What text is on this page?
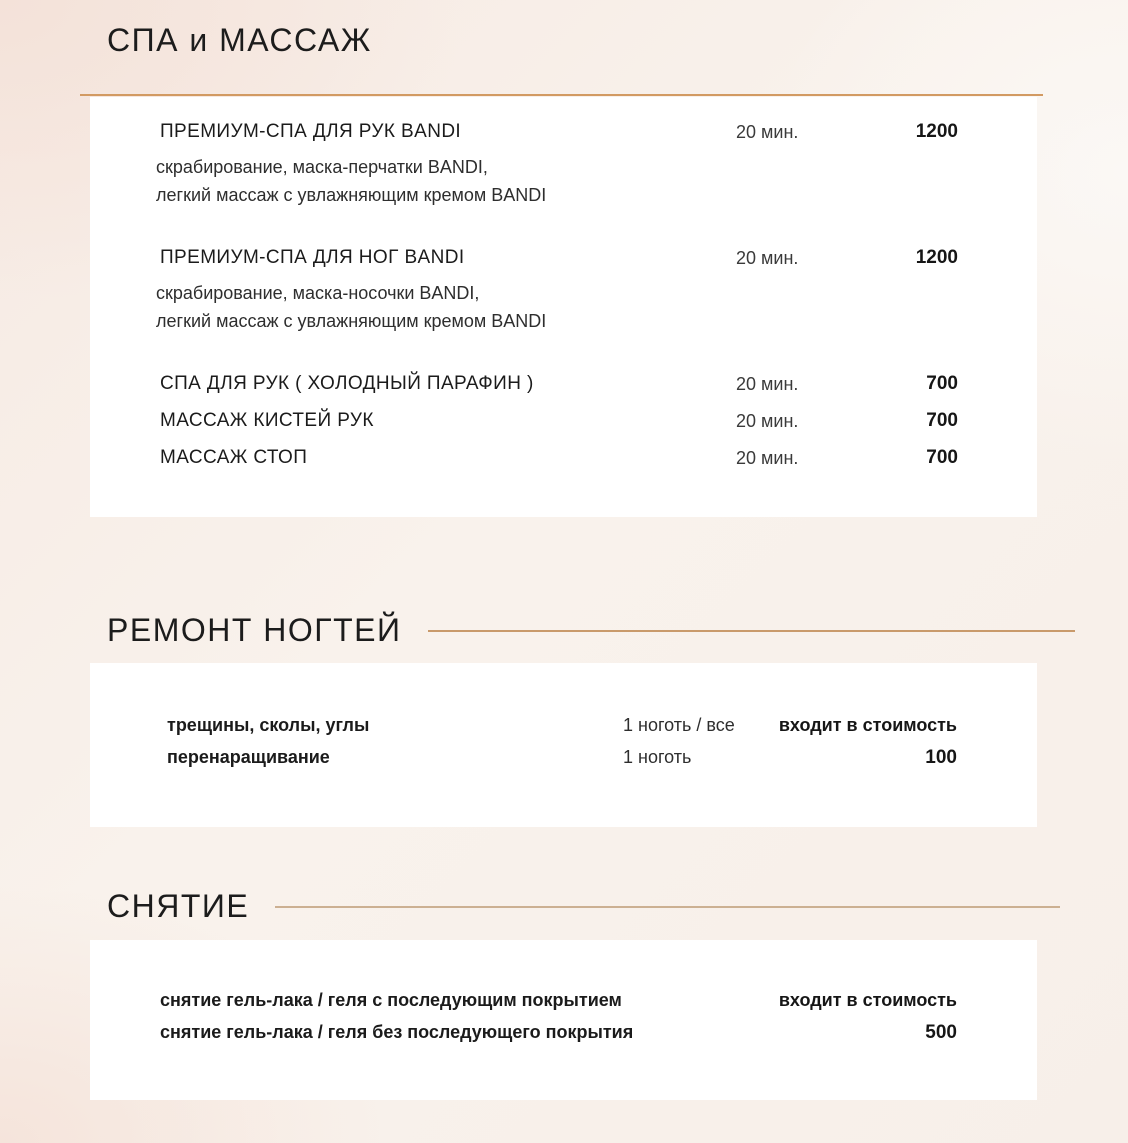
СПА и МАССАЖ
ПРЕМИУМ-СПА ДЛЯ РУК BANDI	20 мин.	1200
скрабирование, маска-перчатки BANDI,
легкий массаж с увлажняющим кремом BANDI
ПРЕМИУМ-СПА ДЛЯ НОГ BANDI	20 мин.	1200
скрабирование, маска-носочки BANDI,
легкий массаж с увлажняющим кремом BANDI
СПА ДЛЯ РУК ( ХОЛОДНЫЙ ПАРАФИН )	20 мин.	700
МАССАЖ КИСТЕЙ РУК	20 мин.	700
МАССАЖ СТОП	20 мин.	700
РЕМОНТ НОГТЕЙ
трещины, сколы, углы	1 ноготь / все	входит в стоимость
перенаращивание	1 ноготь	100
СНЯТИЕ
снятие гель-лака / геля с последующим покрытием	входит в стоимость
снятие гель-лака / геля без последующего покрытия	500
